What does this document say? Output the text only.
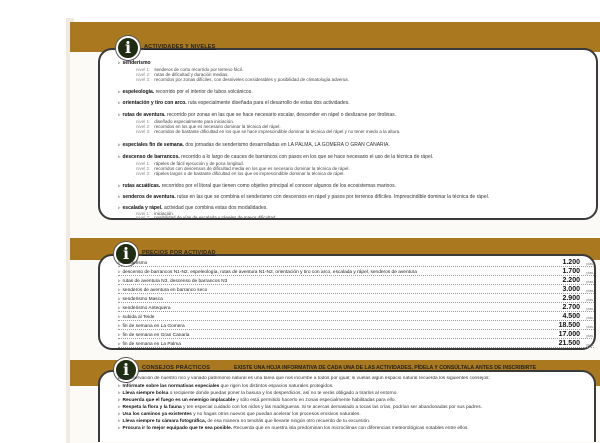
i
i
i
ACTIVIDADES Y NIVELES
PRECIOS POR ACTIVIDAD
CONSEJOS PRÁCTICOS	EXISTE UNA HOJA INFORMATIVA DE CADA UNA DE LAS ACTIVIDADES, PÍDELA Y CONSÚLTALA ANTES DE INSCRIBIRTE
▹ senderismo
nivel 1: senderos de corto recorrido por terreno fácil.
nivel 2: rutas de dificultad y duración medias.
nivel 3: recorridos por zonas difíciles, con desniveles considerables y posibilidad de climatología adversa.
▹ espeleología. recorrido por el interior de tubos volcánicos.
▹ orientación y tiro con arco. ruta especialmente diseñada para el desarrollo de estas dos actividades.
▹ rutas de aventura. recorrido por zonas en las que se hace necesario escalar, descender en rápel o deslizarse por tirolinas.
nivel 1: diseñado especialmente para iniciación.
nivel 2: recorridos en los que es necesario dominar la técnica del rápel.
nivel 3: recorridos de bastante dificultad en los que se hace imprescindible dominar la técnica del rápel y no tener miedo a la altura.
▹ especiales fin de semana. dos jornadas de senderismo desarrolladas en LA PALMA, LA GOMERA O GRAN CANARIA.
▹ descenso de barrancos. recorrido a lo largo de cauces de barrancos con pasos en los que se hace necesario el uso de la técnica de rápel.
nivel 1: rápeles de fácil ejecución y de poca longitud.
nivel 2: recorridos con descensos de dificultad media en los que es necesario dominar la técnica de rápel.
nivel 3: rápeles largos o de bastante dificultad en los que es imprescindible dominar la técnica de rápel.
▹ rutas acuáticas. recorridos por el litoral que tienen como objetivo principal el conocer algunos de los ecosistemas marinos.
▹ senderos de aventura. rutas en las que se combina el senderismo con descensos en rápel y pasos por terrenos difíciles. Imprescindible dominar la técnica de rápel.
▹ escalada y rápel. actividad que combina estas dos modalidades.
nivel 1: iniciación.
nivel 2: posibilidad de vías de escalada y rápeles de mayor dificultad.
▹ senderismo	1.200 ptas.
▹ descenso de barrancos N1-N2, espeleología, rutas de aventura N1-N2, orientación y tiro con arco, escalada y rápel, senderos de aventura	1.700 ptas.
▹ rutas de aventura N3, descenso de barrancos N3	2.200 ptas.
▹ senderos de aventura en barranco seco	3.000 ptas.
▹ senderismo Masca	2.900 ptas.
▹ senderismo Antequera	2.700 ptas.
▹ subida al Teide	4.500 ptas.
▹ fin de semana en La Gomera	18.500 ptas.
▹ fin de semana en Gran Canaria	17.000 ptas.
▹ fin de semana en La Palma	21.500 ptas.
La conservación de nuestro rico y variado patrimonio natural es una tarea que nos incumbe a todos por igual; si vuelas algún espacio natural recuerda los siguientes consejos:
▹ Infórmate sobre las normativas especiales que rigen los distintos espacios naturales protegidos.
▹ Lleva siempre bolsa o recipiente donde puedas poner la basura y los desperdicios, así no te verás obligado a tirarlos al entorno.
▹ Recuerda que el fuego es un enemigo implacable y sólo está permitido hacerlo en zonas especialmente habilitadas para ello.
▹ Respeta la flora y la fauna y ten especial cuidado con los nidos y las madrigueras. Si te acercas demasiado a tocas las crías, podrían ser abandonadas por sus padres.
▹ Usa los caminos ya existentes y no hagas otros nuevos que puedan acelerar los procesos erosivos naturales.
▹ Lleva siempre tu cámara fotográfica, de esa manera no tendrás que llevarte ningún otro recuerdo de tu excursión.
▹ Procura ir lo mejor equipado que te sea posible. Recuerda que en nuestra isla predominan los microclimas con diferencias meteorológicas notables entre ellos.
